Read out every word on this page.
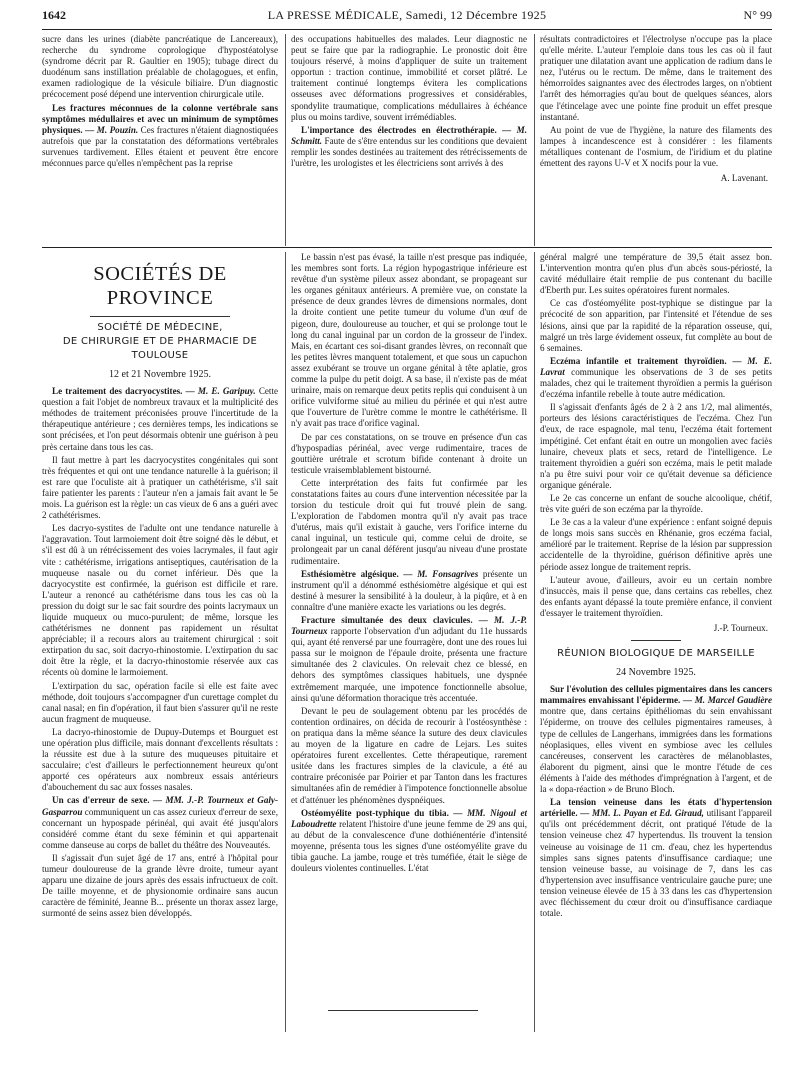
1642	LA PRESSE MÉDICALE, Samedi, 12 Décembre 1925	N° 99

sucre dans les urines (diabète pancréatique de Lancereaux), recherche du syndrome coprologique d'hypostéatolyse (syndrome décrit par R. Gaultier en 1905); tubage direct du duodénum sans instillation préalable de cholagogues, et enfin, examen radiologique de la vésicule biliaire. D'un diagnostic précocement posé dépend une intervention chirurgicale utile.

Les fractures méconnues de la colonne vertébrale sans symptômes médullaires et avec un minimum de symptômes physiques. — M. Pouzin. Ces fractures n'étaient diagnostiquées autrefois que par la constatation des déformations vertébrales survenues tardivement. Elles étaient et peuvent être encore méconnues parce qu'elles n'empêchent pas la reprise

des occupations habituelles des malades. Leur diagnostic ne peut se faire que par la radiographie. Le pronostic doit être toujours réservé, à moins d'appliquer de suite un traitement opportun : traction continue, immobilité et corset plâtré. Le traitement continué longtemps évitera les complications osseuses avec déformations progressives et considérables, spondylite traumatique, complications médullaires à échéance plus ou moins tardive, souvent irrémédiables.

L'importance des électrodes en électrothérapie. — M. Schmitt. Faute de s'être entendus sur les conditions que devaient remplir les sondes destinées au traitement des rétrécissements de l'urètre, les urologistes et les électriciens sont arrivés à des

résultats contradictoires et l'électrolyse n'occupe pas la place qu'elle mérite. L'auteur l'emploie dans tous les cas où il faut pratiquer une dilatation avant une application de radium dans le nez, l'utérus ou le rectum. De même, dans le traitement des hémorroïdes saignantes avec des électrodes larges, on n'obtient l'arrêt des hémorragies qu'au bout de quelques séances, alors que l'étincelage avec une pointe fine produit un effet presque instantané.

Au point de vue de l'hygiène, la nature des filaments des lampes à incandescence est à considérer : les filaments métalliques contenant de l'osmium, de l'iridium et du platine émettent des rayons U-V et X nocifs pour la vue.

A. Lavenant.
SOCIÉTÉS DE PROVINCE
SOCIÉTÉ DE MÉDECINE,
DE CHIRURGIE ET DE PHARMACIE DE TOULOUSE
12 et 21 Novembre 1925.

Le traitement des dacryocystites. — M. E. Garipuy. Cette question a fait l'objet de nombreux travaux et la multiplicité des méthodes de traitement préconisées prouve l'incertitude de la thérapeutique antérieure ; ces dernières temps, les indications se sont précisées, et l'on peut désormais obtenir une guérison à peu près certaine dans tous les cas.

Il faut mettre à part les dacryocystites congénitales qui sont très fréquentes et qui ont une tendance naturelle à la guérison; il est rare que l'oculiste ait à pratiquer un cathétérisme, s'il sait faire patienter les parents : l'auteur n'en a jamais fait avant le 5e mois. La guérison est la règle: un cas vieux de 6 ans a guéri avec 2 cathétérismes.

Les dacryo-systites de l'adulte ont une tendance naturelle à l'aggravation. Tout larmoiement doit être soigné dès le début, et s'il est dû à un rétrécissement des voies lacrymales, il faut agir vite : cathétérisme, irrigations antiseptiques, cautérisation de la muqueuse nasale ou du cornet inférieur. Dès que la dacryocystite est confirmée, la guérison est difficile et rare. L'auteur a renoncé au cathétérisme dans tous les cas où la pression du doigt sur le sac fait sourdre des points lacrymaux un liquide muqueux ou muco-purulent; de même, lorsque les cathétérismes ne donnent pas rapidement un résultat appréciable; il a recours alors au traitement chirurgical : soit extirpation du sac, soit dacryo-rhinostomie. L'extirpation du sac doit être la règle, et la dacryo-rhinostomie réservée aux cas récents où domine le larmoiement.

L'extirpation du sac, opération facile si elle est faite avec méthode, doit toujours s'accompagner d'un curettage complet du canal nasal; en fin d'opération, il faut bien s'assurer qu'il ne reste aucun fragment de muqueuse.

La dacryo-rhinostomie de Dupuy-Dutemps et Bourguet est une opération plus difficile, mais donnant d'excellents résultats : la réussite est due à la suture des muqueuses pituitaire et sacculaire; c'est d'ailleurs le perfectionnement heureux qu'ont apporté ces opérateurs aux nombreux essais antérieurs d'abouchement du sac aux fosses nasales.

Un cas d'erreur de sexe. — MM. J.-P. Tourneux et Galy-Gasparrou communiquent un cas assez curieux d'erreur de sexe, concernant un hypospade périnéal, qui avait été jusqu'alors considéré comme étant du sexe féminin et qui appartenait comme danseuse au corps de ballet du théâtre des Nouveautés.

Il s'agissait d'un sujet âgé de 17 ans, entré à l'hôpital pour tumeur douloureuse de la grande lèvre droite, tumeur ayant apparu une dizaine de jours après des essais infructueux de coït. De taille moyenne, et de physionomie ordinaire sans aucun caractère de féminité, Jeanne B... présente un thorax assez large, surmonté de seins assez bien développés.

Le bassin n'est pas évasé, la taille n'est presque pas indiquée, les membres sont forts. La région hypogastrique inférieure est revêtue d'un système pileux assez abondant, se propageant sur les organes génitaux antérieurs. A première vue, on constate la présence de deux grandes lèvres de dimensions normales, dont la droite contient une petite tumeur du volume d'un œuf de pigeon, dure, douloureuse au toucher, et qui se prolonge tout le long du canal inguinal par un cordon de la grosseur de l'index. Mais, en écartant ces soi-disant grandes lèvres, on reconnaît que les petites lèvres manquent totalement, et que sous un capuchon assez exubérant se trouve un organe génital à tête aplatie, gros comme la pulpe du petit doigt. A sa base, il n'existe pas de méat urinaire, mais on remarque deux petits replis qui conduisent à un orifice vulviforme situé au milieu du périnée et qui n'est autre que l'ouverture de l'urètre comme le montre le cathétérisme. Il n'y avait pas trace d'orifice vaginal.

De par ces constatations, on se trouve en présence d'un cas d'hypospadias périnéal, avec verge rudimentaire, traces de gouttière urétrale et scrotum bifide contenant à droite un testicule vraisemblablement bistourné.

Cette interprétation des faits fut confirmée par les constatations faites au cours d'une intervention nécessitée par la torsion du testicule droit qui fut trouvé plein de sang. L'exploration de l'abdomen montra qu'il n'y avait pas trace d'utérus, mais qu'il existait à gauche, vers l'orifice interne du canal inguinal, un testicule qui, comme celui de droite, se prolongeait par un canal déférent jusqu'au niveau d'une prostate rudimentaire.

Esthésiomètre algésique. — M. Fonsagrives présente un instrument qu'il a dénommé esthésiomètre algésique et qui est destiné à mesurer la sensibilité à la douleur, à la piqûre, et à en connaître d'une manière exacte les variations ou les degrés.

Fracture simultanée des deux clavicules. — M. J.-P. Tourneux rapporte l'observation d'un adjudant du 11e hussards qui, ayant été renversé par une fourragère, dont une des roues lui passa sur le moignon de l'épaule droite, présenta une fracture simultanée des 2 clavicules. On relevait chez ce blessé, en dehors des symptômes classiques habituels, une dyspnée extrêmement marquée, une impotence fonctionnelle absolue, ainsi qu'une déformation thoracique très accentuée.

Devant le peu de soulagement obtenu par les procédés de contention ordinaires, on décida de recourir à l'ostéosynthèse : on pratiqua dans la même séance la suture des deux clavicules au moyen de la ligature en cadre de Lejars. Les suites opératoires furent excellentes. Cette thérapeutique, rarement usitée dans les fractures simples de la clavicule, a été au contraire préconisée par Poirier et par Tanton dans les fractures simultanées afin de remédier à l'impotence fonctionnelle absolue et d'atténuer les phénomènes dyspnéiques.

Ostéomyélite post-typhique du tibia. — MM. Nigoul et Laboudrette relatent l'histoire d'une jeune femme de 29 ans qui, au début de la convalescence d'une dothiénentérie d'intensité moyenne, présenta tous les signes d'une ostéomyélite grave du tibia gauche. La jambe, rouge et très tuméfiée, était le siège de douleurs violentes continuelles. L'état

général malgré une température de 39,5 était assez bon. L'intervention montra qu'en plus d'un abcès sous-périosté, la cavité médullaire était remplie de pus contenant du bacille d'Eberth pur. Les suites opératoires furent normales.

Ce cas d'ostéomyélite post-typhique se distingue par la précocité de son apparition, par l'intensité et l'étendue de ses lésions, ainsi que par la rapidité de la réparation osseuse, qui, malgré un très large évidement osseux, fut complète au bout de 6 semaines.

Eczéma infantile et traitement thyroïdien. — M. E. Lavrat communique les observations de 3 de ses petits malades, chez qui le traitement thyroïdien a permis la guérison d'eczéma infantile rebelle à toute autre médication.

Il s'agissait d'enfants âgés de 2 à 2 ans 1/2, mal alimentés, porteurs des lésions caractéristiques de l'eczéma. Chez l'un d'eux, de race espagnole, mal tenu, l'eczéma était fortement impétiginé. Cet enfant était en outre un mongolien avec faciès lunaire, cheveux plats et secs, retard de l'intelligence. Le traitement thyroïdien a guéri son eczéma, mais le petit malade n'a pu être suivi pour voir ce qu'était devenue sa déficience organique générale.

Le 2e cas concerne un enfant de souche alcoolique, chétif, très vite guéri de son eczéma par la thyroïde.

Le 3e cas a la valeur d'une expérience : enfant soigné depuis de longs mois sans succès en Rhénanie, gros eczéma facial, amélioré par le traitement. Reprise de la lésion par suppression accidentelle de la thyroïdine, guérison définitive après une période assez longue de traitement repris.

L'auteur avoue, d'ailleurs, avoir eu un certain nombre d'insuccès, mais il pense que, dans certains cas rebelles, chez des enfants ayant dépassé la toute première enfance, il convient d'essayer le traitement thyroïdien.

J.-P. Tourneux.
RÉUNION BIOLOGIQUE DE MARSEILLE
24 Novembre 1925.

Sur l'évolution des cellules pigmentaires dans les cancers mammaires envahissant l'épiderme. — M. Marcel Gaudière montre que, dans certains épithéliomas du sein envahissant l'épiderme, on trouve des cellules pigmentaires rameuses, à type de cellules de Langerhans, immigrées dans les formations néoplasiques, elles vivent en symbiose avec les cellules cancéreuses, conservent les caractères de mélanoblastes, élaborent du pigment, ainsi que le montre l'étude de ces éléments à l'aide des méthodes d'imprégnation à l'argent, et de la « dopa-réaction » de Bruno Bloch.

La tension veineuse dans les états d'hypertension artérielle. — MM. L. Payan et Ed. Giraud, utilisant l'appareil qu'ils ont précédemment décrit, ont pratiqué l'étude de la tension veineuse chez 47 hypertendus. Ils trouvent la tension veineuse au voisinage de 11 cm. d'eau, chez les hypertendus simples sans signes patents d'insuffisance cardiaque; une tension veineuse basse, au voisinage de 7, dans les cas d'hypertension avec insuffisance ventriculaire gauche pure; une tension veineuse élevée de 15 à 33 dans les cas d'hypertension avec fléchissement du cœur droit ou d'insuffisance cardiaque totale.
